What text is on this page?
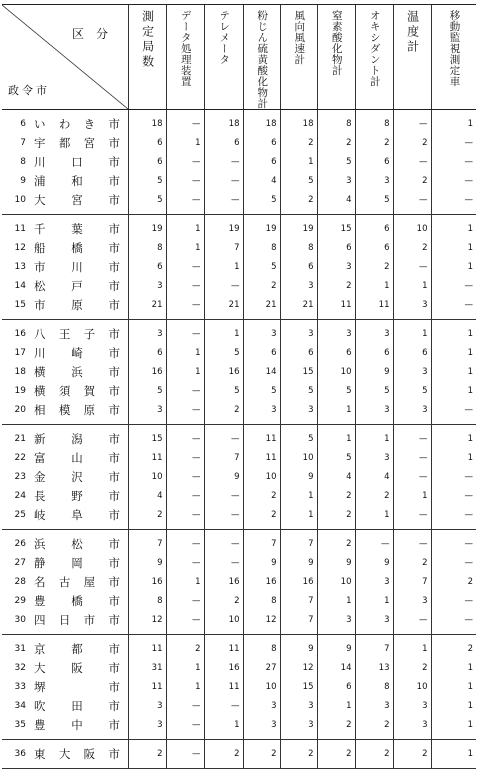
区分
政令市		測定局数	データ処理装置	テレメータ	粉じん硫黄酸化物計	風向風速計	窒素酸化物計	オキシダント計	温度計	移動監視測定車

6	い わ き 市	18	—	18	18	18	8	8	—	1
7	宇 都 宮 市	6	1	6	6	2	2	2	2	—
8	川 口 市	6	—	—	6	1	5	6	—	—
9	浦 和 市	5	—	—	4	5	3	3	2	—
10	大 宮 市	5	—	—	5	2	4	5	—	—

11	千 葉 市	19	1	19	19	19	15	6	10	1
12	船 橋 市	8	1	7	8	8	6	6	2	1
13	市 川 市	6	—	1	5	6	3	2	—	1
14	松 戸 市	3	—	—	2	3	2	1	1	—
15	市 原 市	21	—	21	21	21	11	11	3	—

16	八 王 子 市	3	—	1	3	3	3	3	1	1
17	川 崎 市	6	1	5	6	6	6	6	6	1
18	横 浜 市	16	1	16	14	15	10	9	3	1
19	横 須 賀 市	5	—	5	5	5	5	5	5	1
20	相 模 原 市	3	—	2	3	3	1	3	3	—

21	新 潟 市	15	—	—	11	5	1	1	—	1
22	富 山 市	11	—	7	11	10	5	3	—	1
23	金 沢 市	10	—	9	10	9	4	4	—	—
24	長 野 市	4	—	—	2	1	2	2	1	—
25	岐 阜 市	2	—	—	2	1	2	1	—	—

26	浜 松 市	7	—	—	7	7	2	—	—	—
27	静 岡 市	9	—	—	9	9	9	9	2	—
28	名 古 屋 市	16	1	16	16	16	10	3	7	2
29	豊 橋 市	8	—	2	8	7	1	1	3	—
30	四 日 市 市	12	—	10	12	7	3	3	—	—

31	京 都 市	11	2	11	8	9	9	7	1	2
32	大 阪 市	31	1	16	27	12	14	13	2	1
33	堺 市	11	1	11	10	15	6	8	10	1
34	吹 田 市	3	—	—	3	3	1	3	3	1
35	豊 中 市	3	—	1	3	3	2	2	3	1

36	東 大 阪 市	2	—	2	2	2	2	2	2	1
